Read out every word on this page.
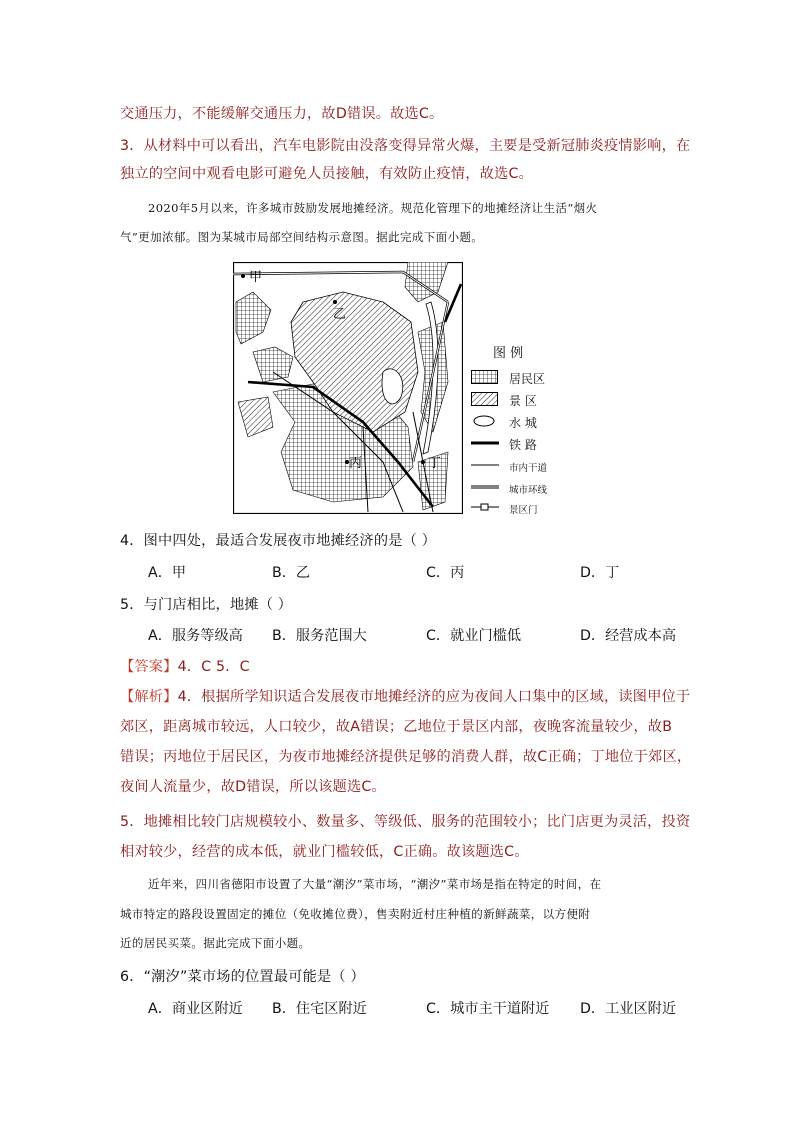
交通压力，不能缓解交通压力，故D错误。故选C。
3．从材料中可以看出，汽车电影院由没落变得异常火爆，主要是受新冠肺炎疫情影响，在
独立的空间中观看电影可避免人员接触，有效防止疫情，故选C。
2020年5月以来，许多城市鼓励发展地摊经济。规范化管理下的地摊经济让生活“烟火
气”更加浓郁。图为某城市局部空间结构示意图。据此完成下面小题。
甲
乙
丙	丁
图 例
居民区
景 区
水 城
铁 路
市内干道
城市环线
景区门
4．图中四处，最适合发展夜市地摊经济的是（ ）
A．甲	B．乙	C．丙	D．丁
5．与门店相比，地摊（ ）
A．服务等级高 B．服务范围大	C．就业门槛低	D．经营成本高
【答案】4．C 5．C
【解析】4．根据所学知识适合发展夜市地摊经济的应为夜间人口集中的区域，读图甲位于
郊区，距离城市较远，人口较少，故A错误；乙地位于景区内部，夜晚客流量较少，故B
错误；丙地位于居民区，为夜市地摊经济提供足够的消费人群，故C正确；丁地位于郊区，
夜间人流量少，故D错误，所以该题选C。
5．地摊相比较门店规模较小、数量多、等级低、服务的范围较小；比门店更为灵活，投资
相对较少，经营的成本低，就业门槛较低，C正确。故该题选C。
近年来，四川省德阳市设置了大量“潮汐”菜市场，“潮汐”菜市场是指在特定的时间，在
城市特定的路段设置固定的摊位（免收摊位费），售卖附近村庄种植的新鲜蔬菜，以方便附
近的居民买菜。据此完成下面小题。
6．“潮汐”菜市场的位置最可能是（ ）
A．商业区附近 B．住宅区附近	C．城市主干道附近 D．工业区附近
